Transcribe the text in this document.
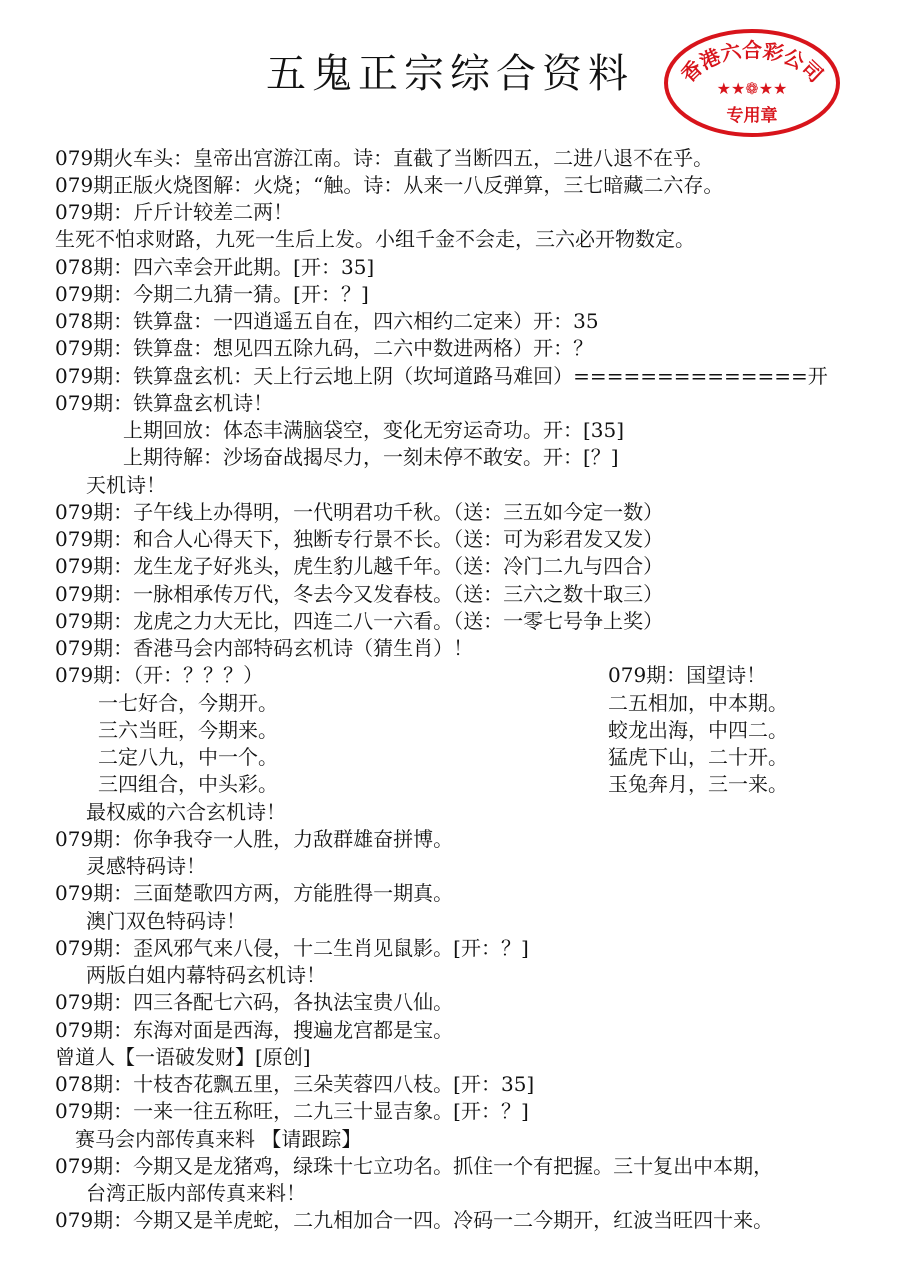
五鬼正宗综合资料	香港六合彩公司
★★❁★★
专用章
079期火车头：皇帝出宫游江南。诗：直截了当断四五，二进八退不在乎。
079期正版火烧图解：火烧；“触。诗：从来一八反弹算，三七暗藏二六存。
079期：斤斤计较差二两！
生死不怕求财路，九死一生后上发。小组千金不会走，三六必开物数定。
078期：四六幸会开此期。[开：35]
079期：今期二九猜一猜。[开：？]
078期：铁算盘：一四逍遥五自在，四六相约二定来）开：35
079期：铁算盘：想见四五除九码，二六中数进两格）开：？
079期：铁算盘玄机：天上行云地上阴（坎坷道路马难回）==============开
079期：铁算盘玄机诗！
上期回放：体态丰满脑袋空，变化无穷运奇功。开：[35]
上期待解：沙场奋战揭尽力，一刻未停不敢安。开：[？]
天机诗！
079期：子午线上办得明，一代明君功千秋。（送：三五如今定一数）
079期：和合人心得天下，独断专行景不长。（送：可为彩君发又发）
079期：龙生龙子好兆头，虎生豹儿越千年。（送：冷门二九与四合）
079期：一脉相承传万代，冬去今又发春枝。（送：三六之数十取三）
079期：龙虎之力大无比，四连二八一六看。（送：一零七号争上奖）
079期：香港马会内部特码玄机诗（猜生肖）！
079期：（开：？？？）
一七好合，今期开。
三六当旺，今期来。
二定八九，中一个。
三四组合，中头彩。
最权威的六合玄机诗！
079期：你争我夺一人胜，力敌群雄奋拼博。
灵感特码诗！
079期：三面楚歌四方两，方能胜得一期真。
澳门双色特码诗！
079期：歪风邪气来八侵，十二生肖见鼠影。[开：？]
两版白姐内幕特码玄机诗！
079期：四三各配七六码，各执法宝贵八仙。
079期：东海对面是西海，搜遍龙宫都是宝。
曾道人【一语破发财】[原创]
078期：十枝杏花飘五里，三朵芙蓉四八枝。[开：35]
079期：一来一往五称旺，二九三十显吉象。[开：？]
赛马会内部传真来料 【请跟踪】
079期：今期又是龙猪鸡，绿珠十七立功名。抓住一个有把握。三十复出中本期，
台湾正版内部传真来料！
079期：今期又是羊虎蛇，二九相加合一四。冷码一二今期开，红波当旺四十来。
079期：国望诗！
二五相加，中本期。
蛟龙出海，中四二。
猛虎下山，二十开。
玉兔奔月，三一来。
